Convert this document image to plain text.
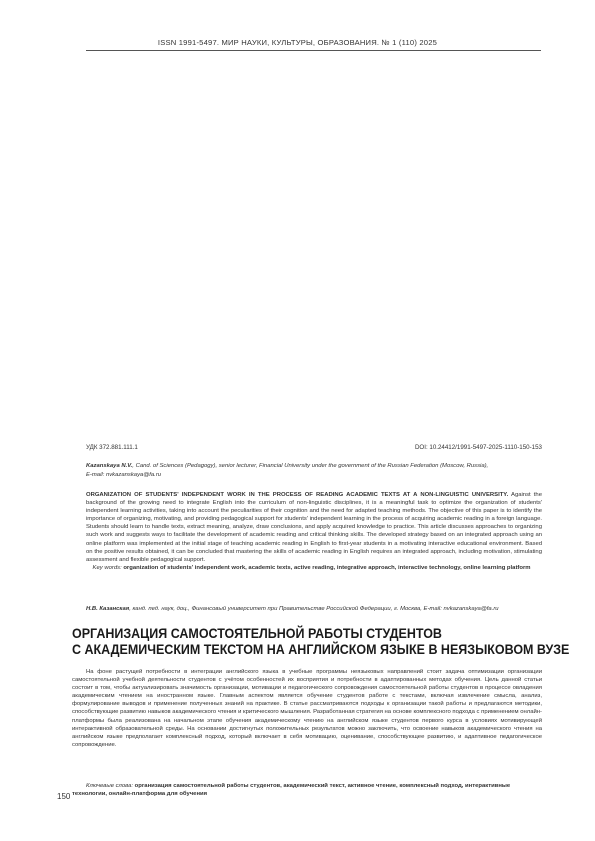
ISSN 1991-5497. МИР НАУКИ, КУЛЬТУРЫ, ОБРАЗОВАНИЯ. № 1 (110) 2025
УДК 372.881.111.1	DOI: 10.24412/1991-5497-2025-1110-150-153
Kazanskaya N.V., Cand. of Sciences (Pedagogy), senior lecturer, Financial University under the government of the Russian Federation (Moscow, Russia),
E-mail: nvkazanskaya@fa.ru
ORGANIZATION OF STUDENTS' INDEPENDENT WORK IN THE PROCESS OF READING ACADEMIC TEXTS AT A NON-LINGUISTIC UNIVERSITY. Against the background of the growing need to integrate English into the curriculum of non-linguistic disciplines, it is a meaningful task to optimize the organization of students' independent learning activities, taking into account the peculiarities of their cognition and the need for adapted teaching methods. The objective of this paper is to identify the importance of organizing, motivating, and providing pedagogical support for students' independent learning in the process of acquiring academic reading in a foreign language. Students should learn to handle texts, extract meaning, analyze, draw conclusions, and apply acquired knowledge to practice. This article discusses approaches to organizing such work and suggests ways to facilitate the development of academic reading and critical thinking skills. The developed strategy based on an integrated approach using an online platform was implemented at the initial stage of teaching academic reading in English to first-year students in a motivating interactive educational environment. Based on the positive results obtained, it can be concluded that mastering the skills of academic reading in English requires an integrated approach, including motivation, stimulating assessment and flexible pedagogical support.
Key words: organization of students' independent work, academic texts, active reading, integrative approach, interactive technology, online learning platform
Н.В. Казанская, канд. пед. наук, доц., Финансовый университет при Правительстве Российской Федерации, г. Москва, E-mail: nvkazanskaya@fa.ru
ОРГАНИЗАЦИЯ САМОСТОЯТЕЛЬНОЙ РАБОТЫ СТУДЕНТОВ
С АКАДЕМИЧЕСКИМ ТЕКСТОМ НА АНГЛИЙСКОМ ЯЗЫКЕ В НЕЯЗЫКОВОМ ВУЗЕ
На фоне растущей потребности в интеграции английского языка в учебные программы неязыковых направлений стоит задача оптимизации организации самостоятельной учебной деятельности студентов с учётом особенностей их восприятия и потребности в адаптированных методах обучения. Цель данной статьи состоит в том, чтобы актуализировать значимость организации, мотивации и педагогического сопровождения самостоятельной работы студентов в процессе овладения академическим чтением на иностранном языке. Главным аспектом является обучение студентов работе с текстами, включая извлечение смысла, анализ, формулирование выводов и применение полученных знаний на практике. В статье рассматриваются подходы к организации такой работы и предлагаются методики, способствующие развитию навыков академического чтения и критического мышления. Разработанная стратегия на основе комплексного подхода с применением онлайн-платформы была реализована на начальном этапе обучения академическому чтению на английском языке студентов первого курса в условиях мотивирующей интерактивной образовательной среды. На основании достигнутых положительных результатов можно заключить, что освоение навыков академического чтения на английском языке предполагает комплексный подход, который включает в себя мотивацию, оценивание, способствующее развитию, и адаптивное педагогическое сопровождение.
Ключевые слова: организация самостоятельной работы студентов, академический текст, активное чтение, комплексный подход, интерактивные технологии, онлайн-платформа для обучения
150
